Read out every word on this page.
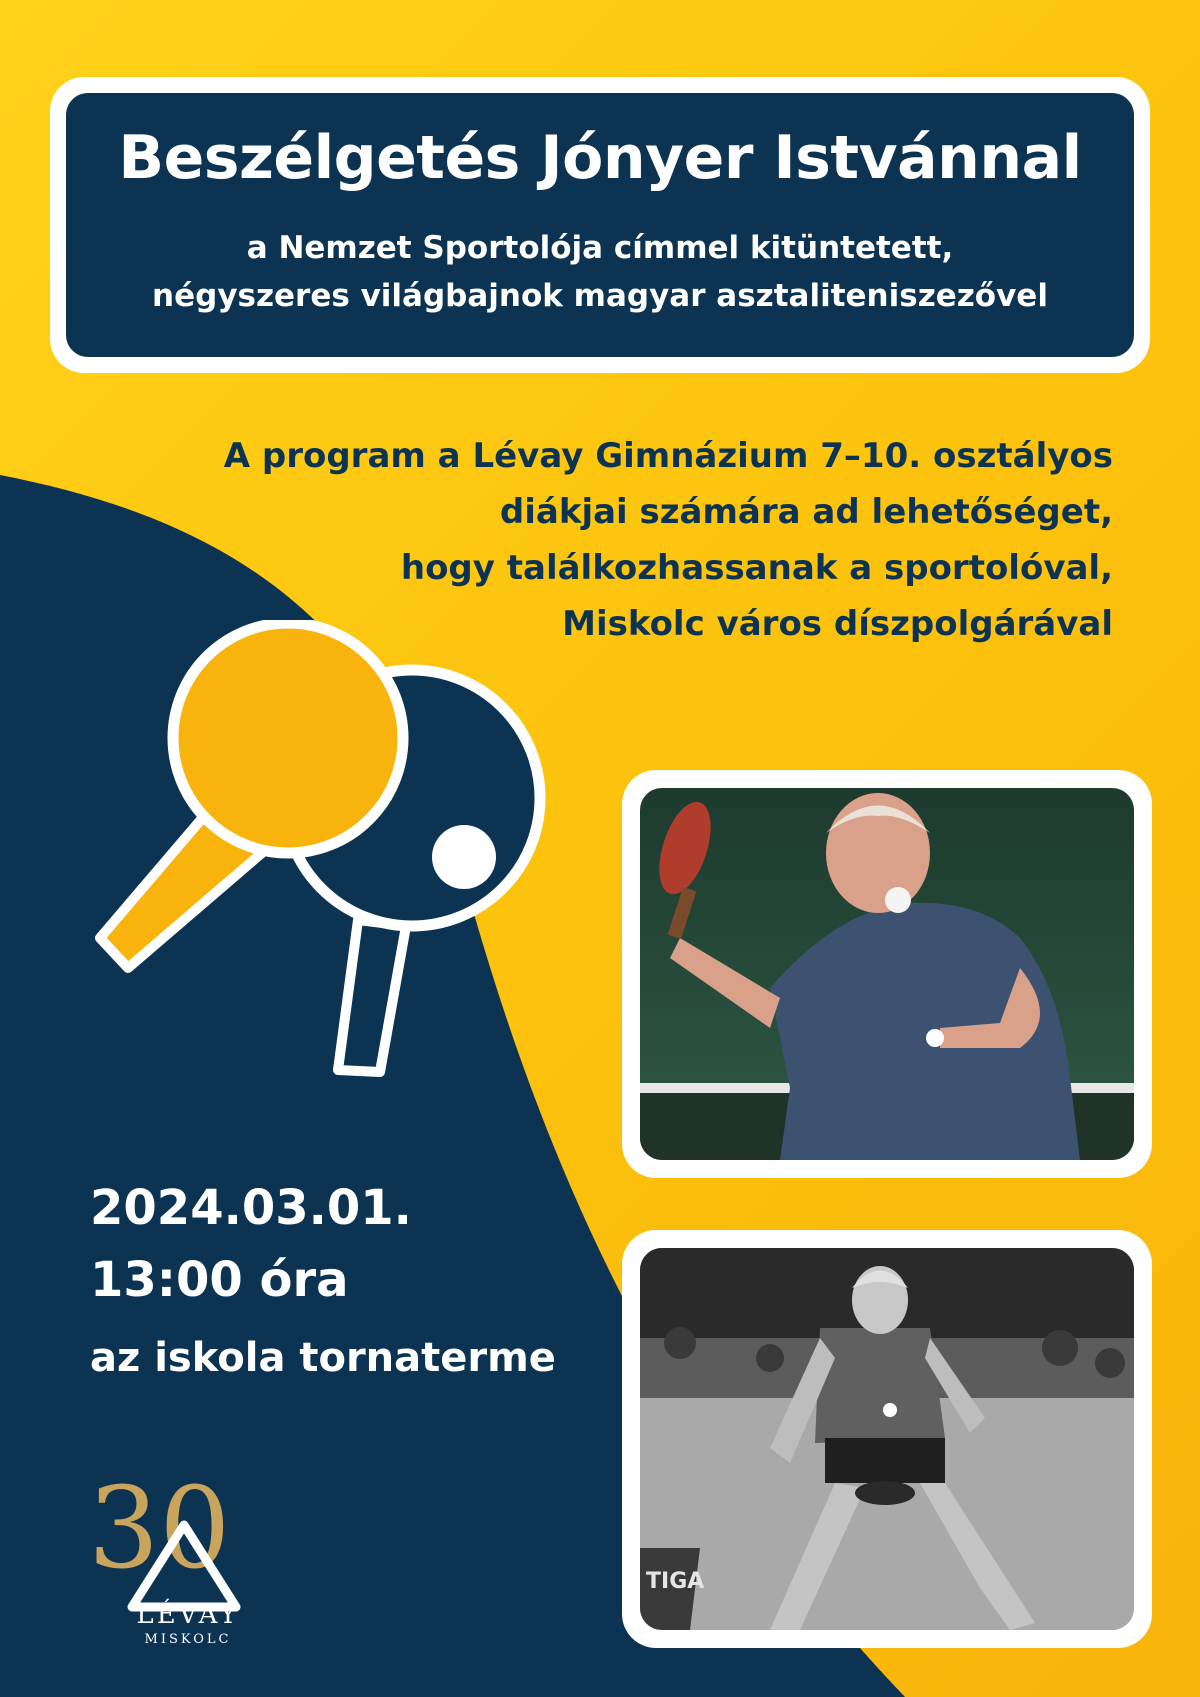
Beszélgetés Jónyer Istvánnal
a Nemzet Sportolója címmel kitüntetett,
négyszeres világbajnok magyar asztaliteniszezővel
A program a Lévay Gimnázium 7–10. osztályos
diákjai számára ad lehetőséget,
hogy találkozhassanak a sportolóval,
Miskolc város díszpolgárával
TIGA
2024.03.01.
13:00 óra
az iskola tornaterme
30
LÉVAY
MISKOLC
